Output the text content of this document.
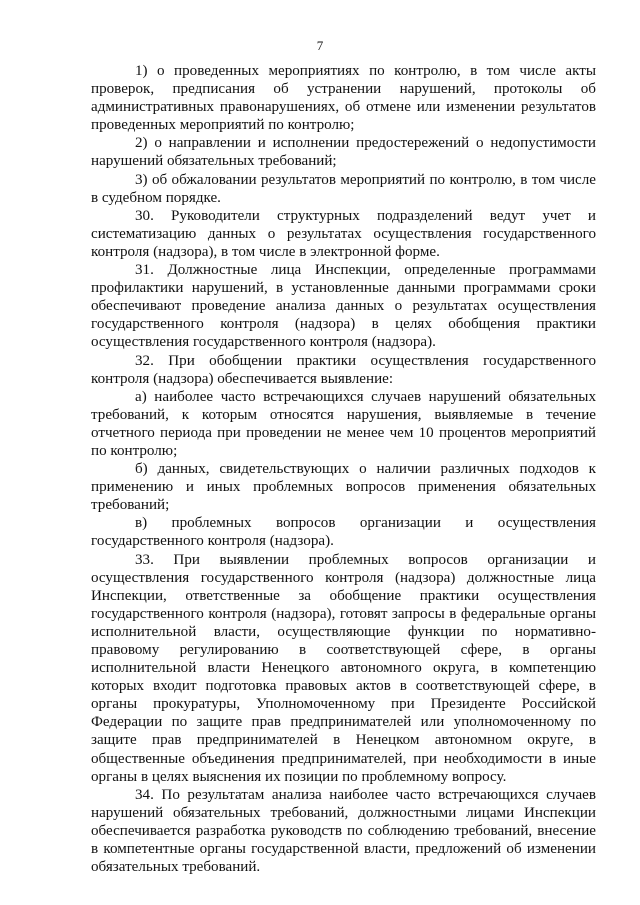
7

1) о проведенных мероприятиях по контролю, в том числе акты проверок, предписания об устранении нарушений, протоколы об административных правонарушениях, об отмене или изменении результатов проведенных мероприятий по контролю;

2) о направлении и исполнении предостережений о недопустимости нарушений обязательных требований;

3) об обжаловании результатов мероприятий по контролю, в том числе в судебном порядке.

30. Руководители структурных подразделений ведут учет и систематизацию данных о результатах осуществления государственного контроля (надзора), в том числе в электронной форме.

31. Должностные лица Инспекции, определенные программами профилактики нарушений, в установленные данными программами сроки обеспечивают проведение анализа данных о результатах осуществления государственного контроля (надзора) в целях обобщения практики осуществления государственного контроля (надзора).

32. При обобщении практики осуществления государственного контроля (надзора) обеспечивается выявление:

а) наиболее часто встречающихся случаев нарушений обязательных требований, к которым относятся нарушения, выявляемые в течение отчетного периода при проведении не менее чем 10 процентов мероприятий по контролю;

б) данных, свидетельствующих о наличии различных подходов к применению и иных проблемных вопросов применения обязательных требований;

в) проблемных вопросов организации и осуществления государственного контроля (надзора).

33. При выявлении проблемных вопросов организации и осуществления государственного контроля (надзора) должностные лица Инспекции, ответственные за обобщение практики осуществления государственного контроля (надзора), готовят запросы в федеральные органы исполнительной власти, осуществляющие функции по нормативно-правовому регулированию в соответствующей сфере, в органы исполнительной власти Ненецкого автономного округа, в компетенцию которых входит подготовка правовых актов в соответствующей сфере, в органы прокуратуры, Уполномоченному при Президенте Российской Федерации по защите прав предпринимателей или уполномоченному по защите прав предпринимателей в Ненецком автономном округе, в общественные объединения предпринимателей, при необходимости в иные органы в целях выяснения их позиции по проблемному вопросу.

34. По результатам анализа наиболее часто встречающихся случаев нарушений обязательных требований, должностными лицами Инспекции обеспечивается разработка руководств по соблюдению требований, внесение в компетентные органы государственной власти, предложений об изменении обязательных требований.
